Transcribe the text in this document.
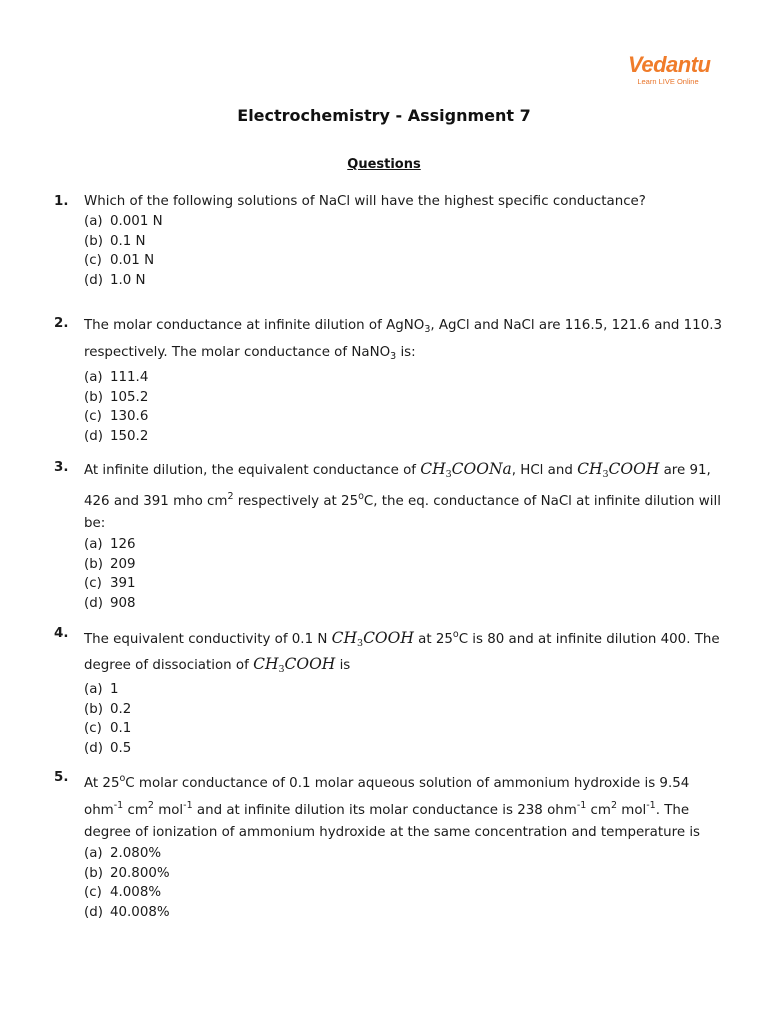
Vedantu
Learn LIVE Online
Electrochemistry - Assignment 7
Questions
1. Which of the following solutions of NaCl will have the highest specific conductance?

(a) 0.001 N
(b) 0.1 N
(c) 0.01 N
(d) 1.0 N
2. The molar conductance at infinite dilution of AgNO$_3$, AgCl and NaCl are 116.5, 121.6 and 110.3 respectively. The molar conductance of NaNO$_3$ is:

(a) 111.4
(b) 105.2
(c) 130.6
(d) 150.2
3. At infinite dilution, the equivalent conductance of $CH_3COONa$, HCl and $CH_3COOH$ are 91, 426 and 391 mho $cm^2$ respectively at 25$^o$C, the eq. conductance of NaCl at infinite dilution will be:

(a) 126
(b) 209
(c) 391
(d) 908
4. The equivalent conductivity of 0.1 N $CH_3COOH$ at 25$^o$C is 80 and at infinite dilution 400. The degree of dissociation of $CH_3COOH$ is

(a) 1
(b) 0.2
(c) 0.1
(d) 0.5
5. At 25$^o$C molar conductance of 0.1 molar aqueous solution of ammonium hydroxide is 9.54 ohm$^{-1}$ $cm^2$ mol$^{-1}$ and at infinite dilution its molar conductance is 238 ohm$^{-1}$ $cm^2$ mol$^{-1}$. The degree of ionization of ammonium hydroxide at the same concentration and temperature is

(a) 2.080%
(b) 20.800%
(c) 4.008%
(d) 40.008%
